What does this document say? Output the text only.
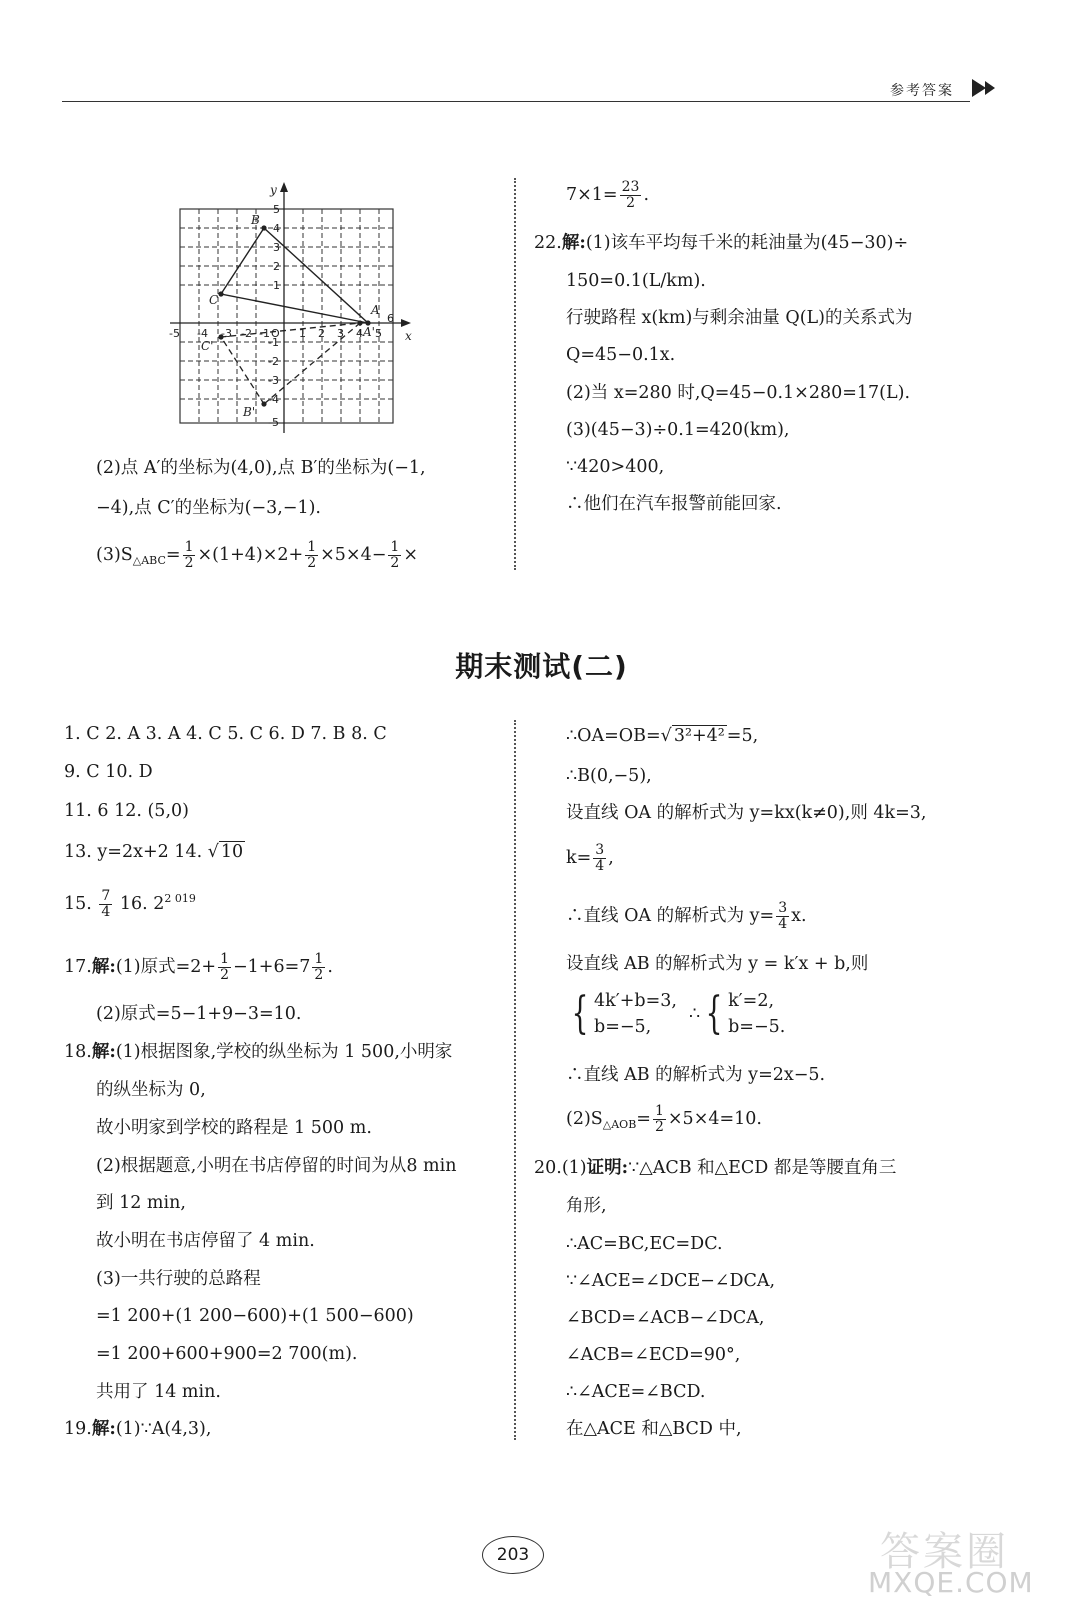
参考答案
x
y
-5 -4 -3 -2 -1 O 1 2 3 4 5
6
5
4
3
2
1
-1
-2
-3
-4
-5
A
B
C
A'
B'
C'
(2)点 A′的坐标为(4,0),点 B′的坐标为(−1,
−4),点 C′的坐标为(−3,−1).
$(3)S_{\triangle ABC}= \frac{1}{2} \times(1+4)\times 2+ \frac{1}{2} \times 5\times 4- \frac{1}{2}$ ×
$7\times 1= \frac{23}{2}$ .
22.解:(1)该车平均每千米的耗油量为(45−30)÷
150=0.1(L/km).
行驶路程 x(km)与剩余油量 Q(L)的关系式为
Q=45−0.1x.
(2)当 x=280 时,Q=45−0.1×280=17(L).
(3)(45−3)÷0.1=420(km),
∵420>400,
∴他们在汽车报警前能回家.
期末测试(二)
1. C 2. A 3. A 4. C 5. C 6. D 7. B 8. C
9. C 10. D
11. 6 12. (5,0)
13. y=2x+2 14. √ 10
15. $\frac{7}{4} 16$. $2^{2 019}$
17.解:(1)原式$=2+ \frac{1}{2} -1+6=7 \frac{1}{2}$ .
(2)原式=5−1+9−3=10.
18.解:(1)根据图象,学校的纵坐标为 1 500,小明家
的纵坐标为 0,
故小明家到学校的路程是 1 500 m.
(2)根据题意,小明在书店停留的时间为从8 min
到 12 min,
故小明在书店停留了 4 min.
(3)一共行驶的总路程
=1 200+(1 200−600)+(1 500−600)
=1 200+600+900=2 700(m).
共用了 14 min.
19.解:(1)∵A(4,3),
∴OA=OB=√ 3²+4² =5,
∴B(0,−5),
设直线 OA 的解析式为 y=kx(k≠0),则 4k=3,
$k= \frac{3}{4}$ ,
∴直线 OA 的解析式为 $y= \frac{3}{4} x$.
设直线 AB 的解析式为 y = k′x + b,则
{ 4k′+b=3,
b=−5,
∴ { k′=2,
b=−5.
∴直线 AB 的解析式为 y=2x−5.
$(2)S_{\triangle AOB}= \frac{1}{2} \times 5\times 4=10$.
20.(1)证明:∵△ACB 和△ECD 都是等腰直角三
角形,
∴AC=BC,EC=DC.
∵∠ACE=∠DCE−∠DCA,
∠BCD=∠ACB−∠DCA,
∠ACB=∠ECD=90°,
∴∠ACE=∠BCD.
在△ACE 和△BCD 中,
203	答案圈
MXQE.COM
